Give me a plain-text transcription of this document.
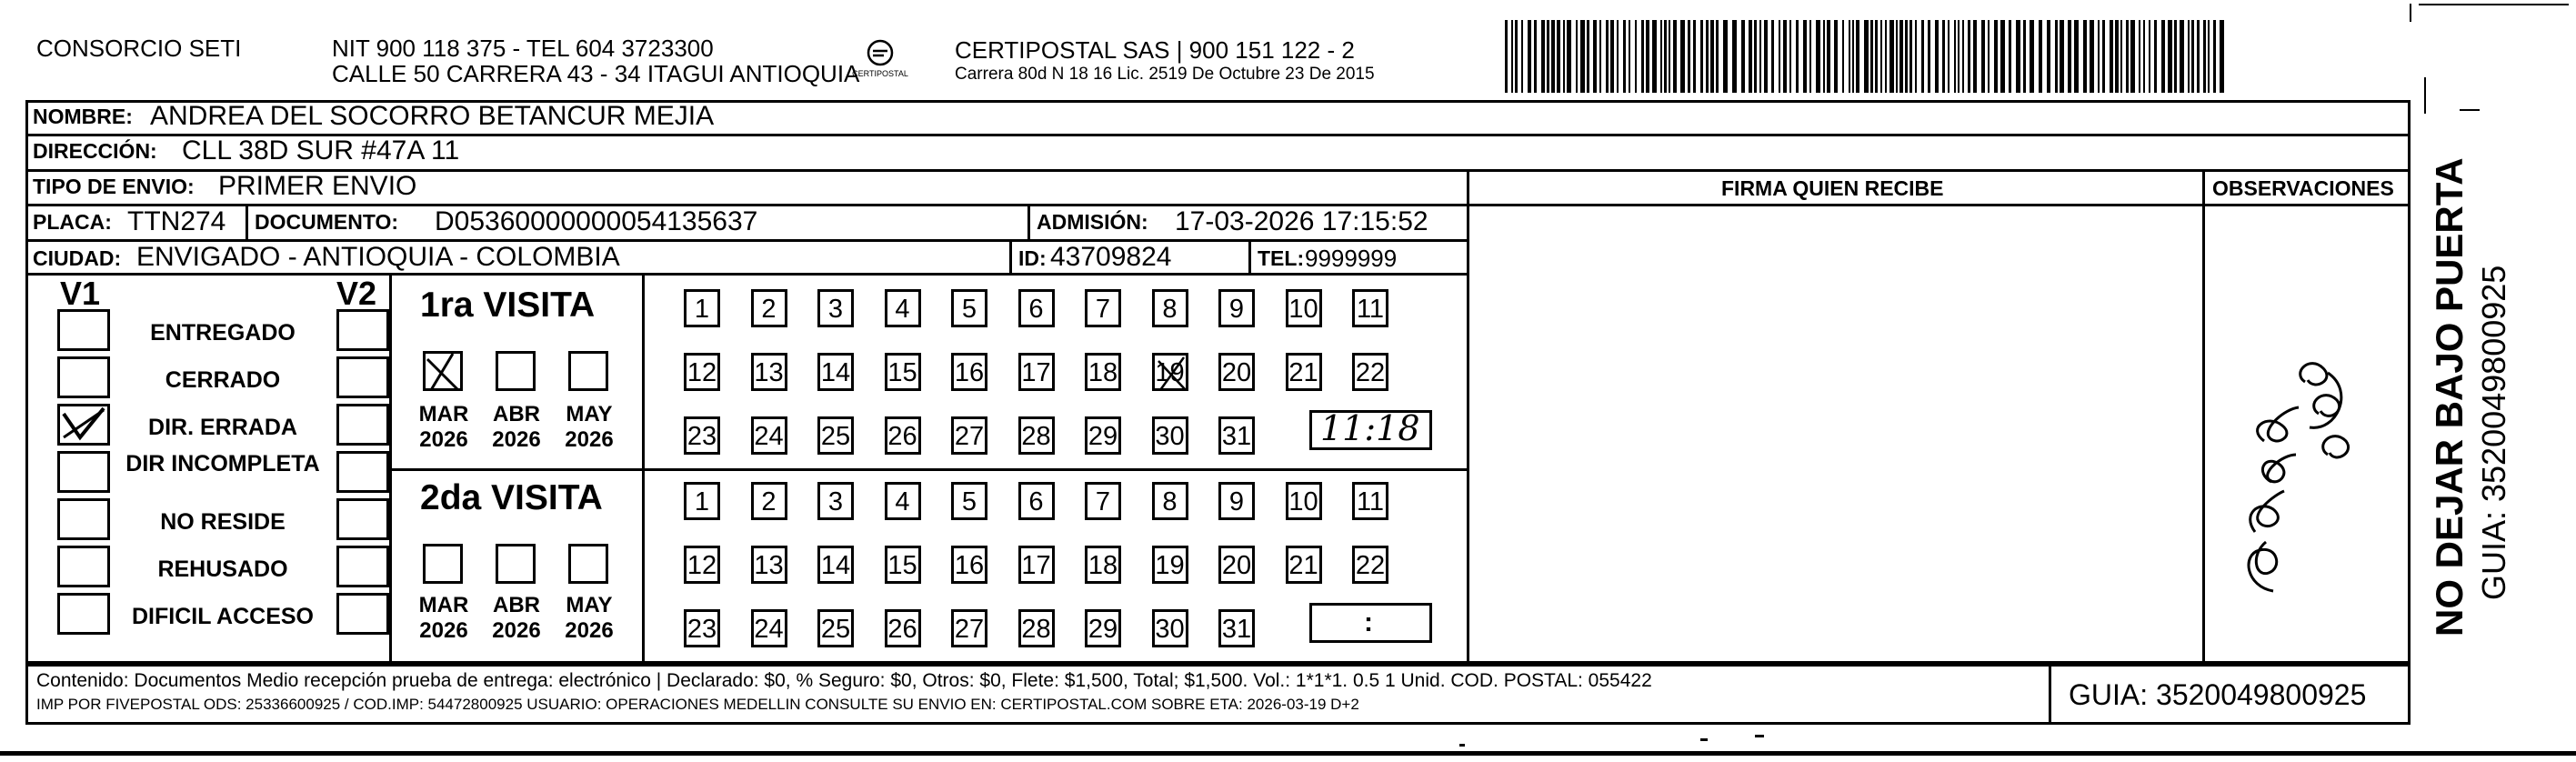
CONSORCIO SETI	NIT 900 118 375 - TEL 604 3723300
CALLE 50 CARRERA 43 - 34 ITAGUI ANTIOQUIA
CERTIPOSTAL
CERTIPOSTAL SAS | 900 151 122 - 2
Carrera 80d N 18 16 Lic. 2519 De Octubre 23 De 2015
NOMBRE: ANDREA DEL SOCORRO BETANCUR MEJIA
DIRECCIÓN: CLL 38D SUR #47A 11
TIPO DE ENVIO: PRIMER ENVIO	FIRMA QUIEN RECIBE	OBSERVACIONES
PLACA: TTN274 DOCUMENTO: D05360000000054135637	ADMISIÓN: 17-03-2026 17:15:52
CIUDAD: ENVIGADO - ANTIOQUIA - COLOMBIA	ID: 43709824	TEL: 9999999
V1	V2
ENTREGADO
CERRADO
DIR. ERRADA
DIR INCOMPLETA
NO RESIDE
REHUSADO
DIFICIL ACCESO
1ra VISITA
2da VISITA
MAR
2026
ABR
2026
MAY
2026
MAR
2026
ABR
2026
MAY
2026
1	2	3	4	5	6	7	8	9	10 11
12 13 14 15 16 17 18 19 20 21 22
23 24 25 26 27 28 29 30 31
1	2	3	4	5	6	7	8	9	10 11
12 13 14 15 16 17 18 19 20 21 22
23 24 25 26 27 28 29 30 31
11:18
:	NO DEJAR BAJO PUERTA GUIA: 3520049800925
Contenido: Documentos Medio recepción prueba de entrega: electrónico | Declarado: $0, % Seguro: $0, Otros: $0, Flete: $1,500, Total; $1,500. Vol.: 1*1*1. 0.5 1 Unid. COD. POSTAL: 055422
IMP POR FIVEPOSTAL ODS: 25336600925 / COD.IMP: 54472800925 USUARIO: OPERACIONES MEDELLIN CONSULTE SU ENVIO EN: CERTIPOSTAL.COM SOBRE ETA: 2026-03-19 D+2	GUIA: 3520049800925
